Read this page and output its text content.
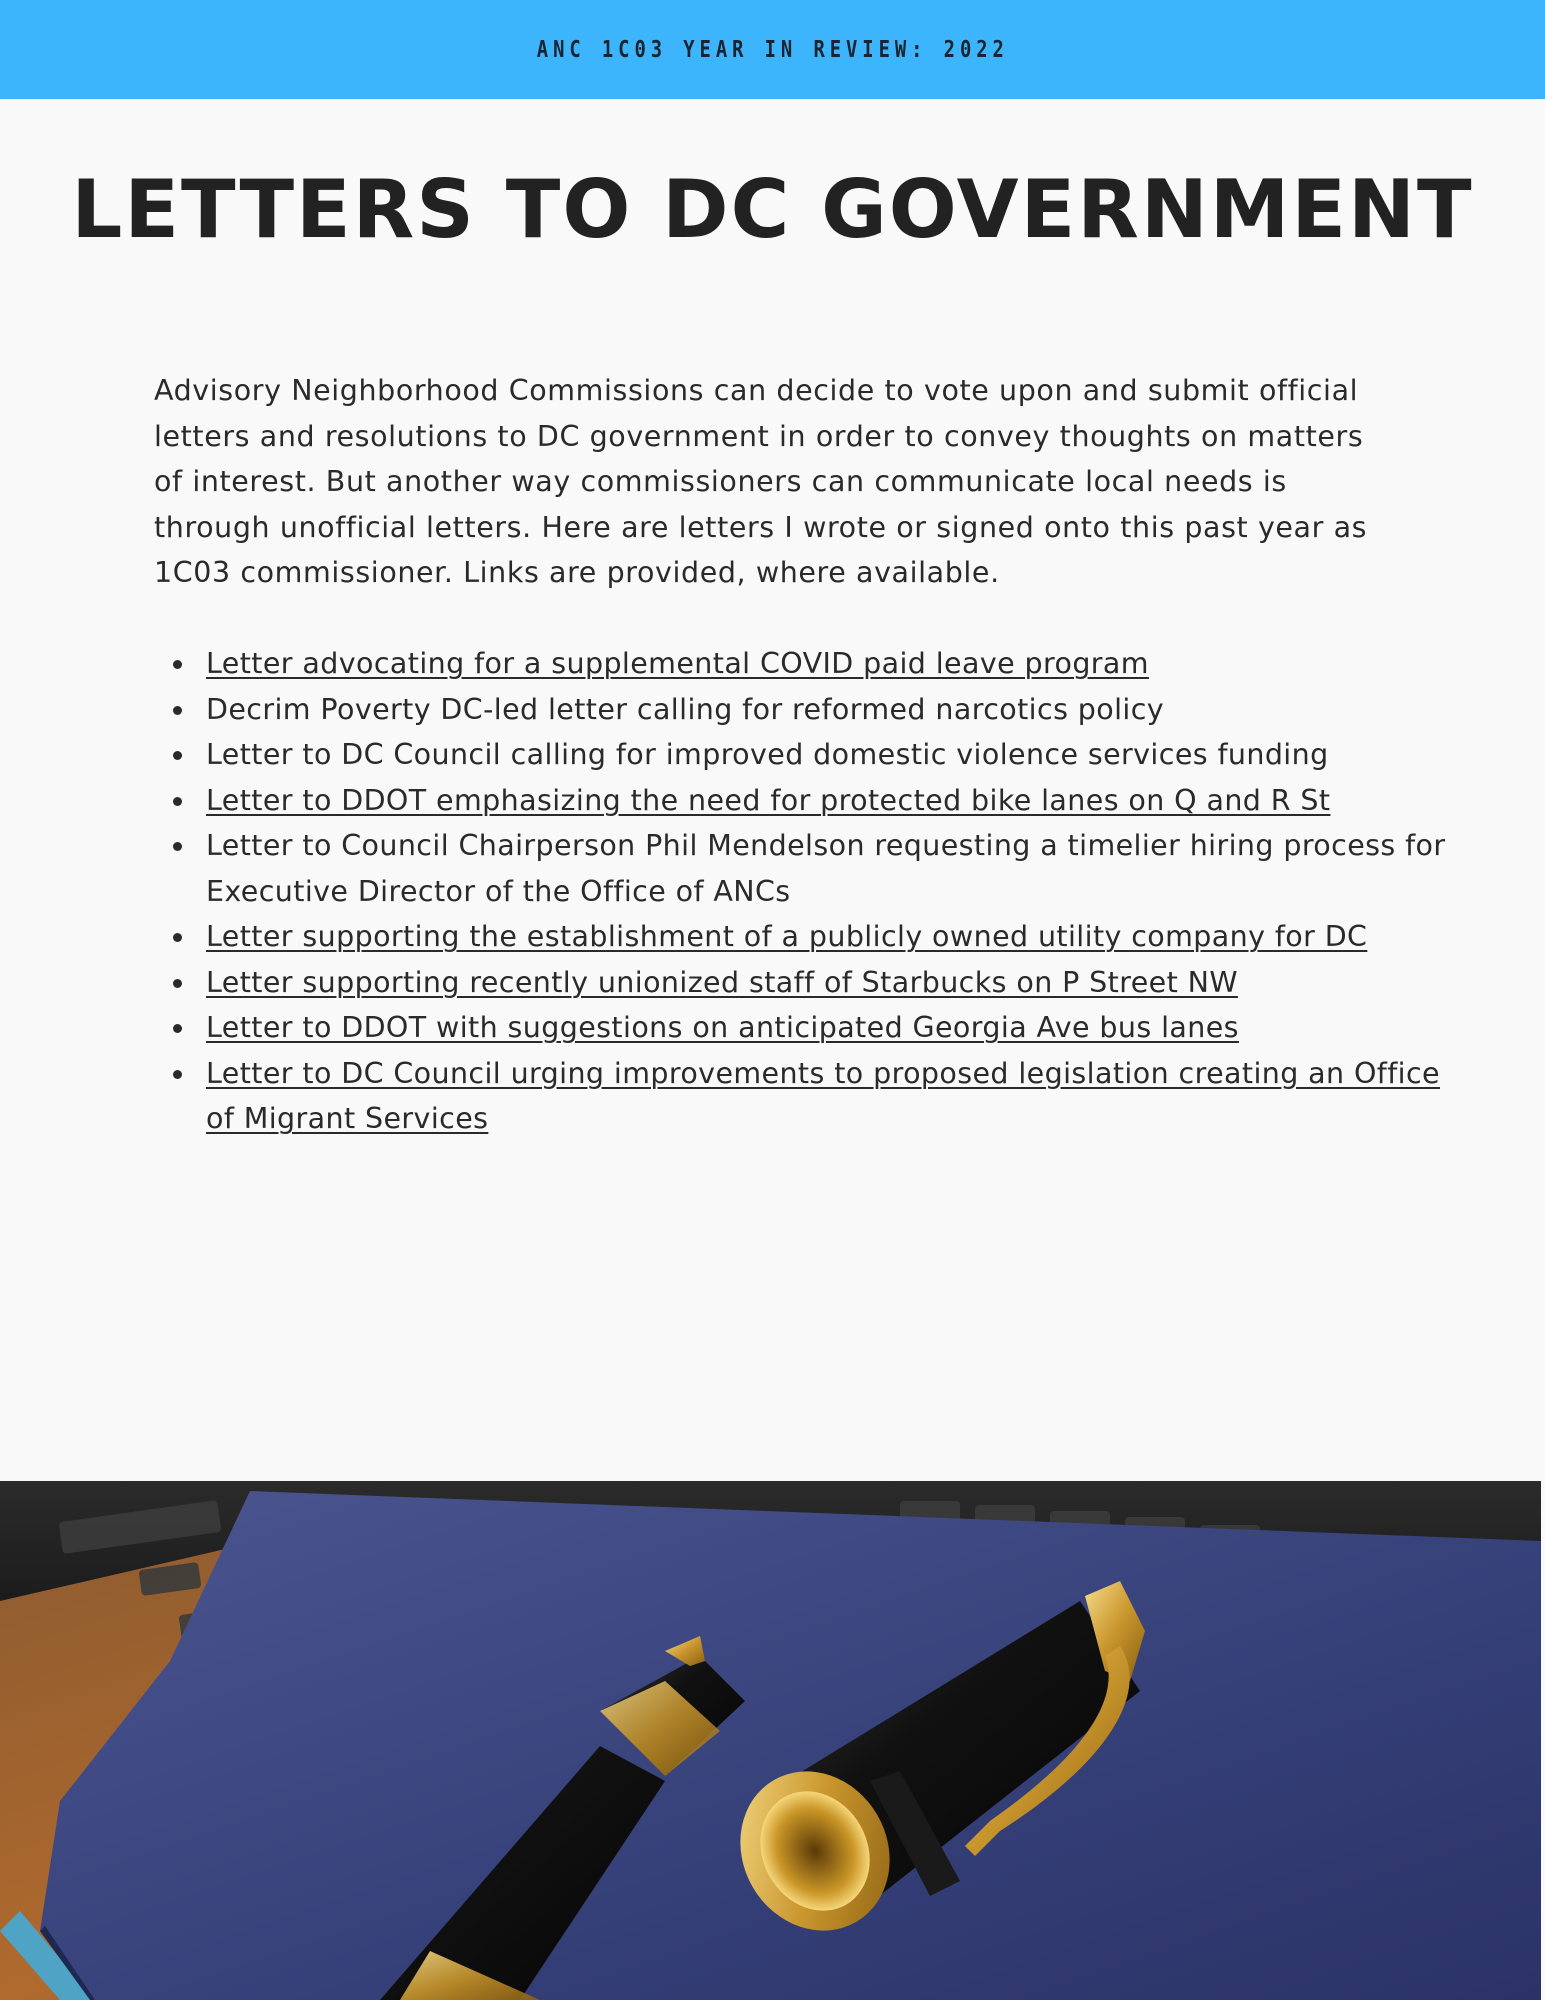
ANC 1C03 YEAR IN REVIEW: 2022
LETTERS TO DC GOVERNMENT

Advisory Neighborhood Commissions can decide to vote upon and submit official letters and resolutions to DC government in order to convey thoughts on matters of interest. But another way commissioners can communicate local needs is through unofficial letters. Here are letters I wrote or signed onto this past year as 1C03 commissioner. Links are provided, where available.

Letter advocating for a supplemental COVID paid leave program
Decrim Poverty DC-led letter calling for reformed narcotics policy
Letter to DC Council calling for improved domestic violence services funding
Letter to DDOT emphasizing the need for protected bike lanes on Q and R St
Letter to Council Chairperson Phil Mendelson requesting a timelier hiring process for Executive Director of the Office of ANCs
Letter supporting the establishment of a publicly owned utility company for DC
Letter supporting recently unionized staff of Starbucks on P Street NW
Letter to DDOT with suggestions on anticipated Georgia Ave bus lanes
Letter to DC Council urging improvements to proposed legislation creating an Office of Migrant Services
